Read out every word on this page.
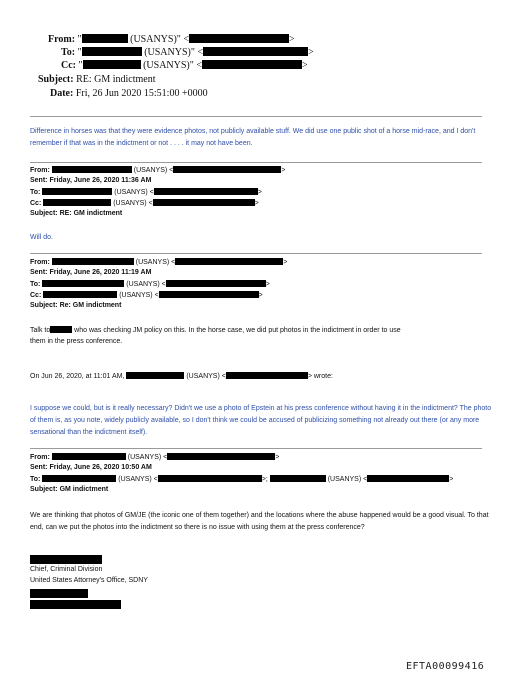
From: "	(USANYS)" <	>
To: "	(USANYS)" <	>
Cc: "	(USANYS)" <	>
Subject: RE: GM indictment
Date: Fri, 26 Jun 2020 15:51:00 +0000
Difference in horses was that they were evidence photos, not publicly available stuff. We did use one public shot of a horse mid-race, and I don't remember if that was in the indictment or not . . . . it may not have been.
From:	(USANYS) <	>
Sent: Friday, June 26, 2020 11:36 AM
To:	(USANYS) <	>
Cc:	(USANYS) <	>
Subject: RE: GM indictment
Will do.
From:	(USANYS) <	>
Sent: Friday, June 26, 2020 11:19 AM
To:	(USANYS) <	>
Cc:	(USANYS) <	>
Subject: Re: GM indictment
Talk to	who was checking JM policy on this. In the horse case, we did put photos in the indictment in order to use
them in the press conference.
On Jun 26, 2020, at 11:01 AM,	(USANYS) <	> wrote:
I suppose we could, but is it really necessary? Didn't we use a photo of Epstein at his press conference without having it in the indictment? The photo of them is, as you note, widely publicly available, so I don't think we could be accused of publicizing something not already out there (or any more sensational than the indictment itself).
From:	(USANYS) <	>
Sent: Friday, June 26, 2020 10:50 AM
To:	(USANYS) <	>;	(USANYS) <	>
Subject: GM indictment
We are thinking that photos of GM/JE (the iconic one of them together) and the locations where the abuse happened would be a good visual. To that end, can we put the photos into the indictment so there is no issue with using them at the press conference?
Chief, Criminal Division
United States Attorney's Office, SDNY
EFTA00099416
